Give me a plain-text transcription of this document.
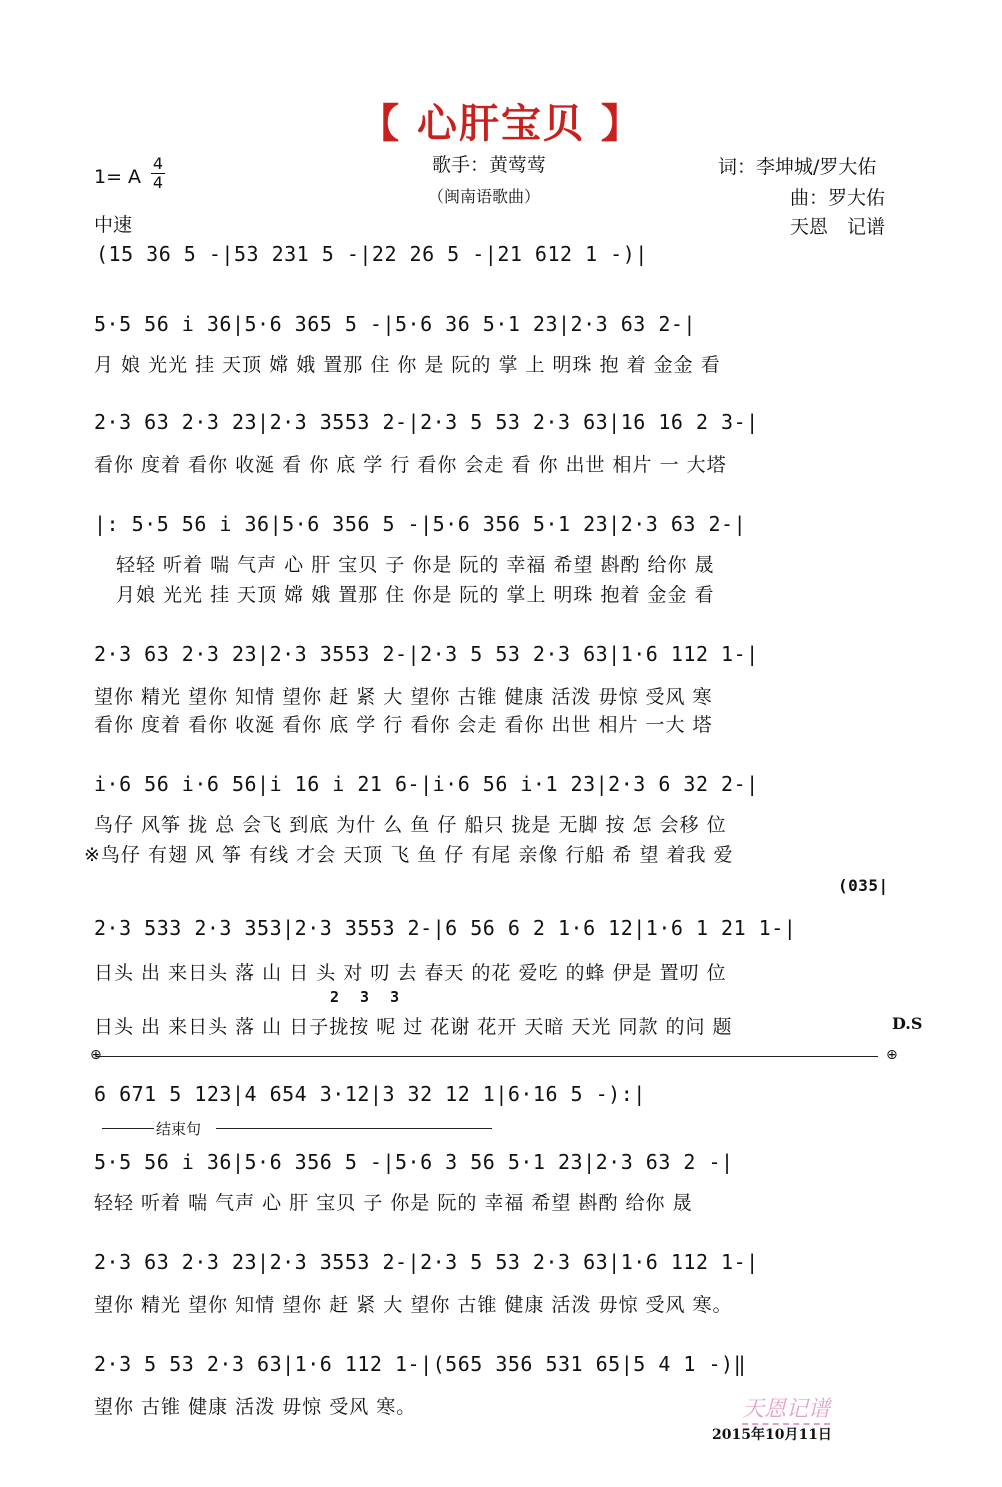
【 心肝宝贝 】
歌手：黄莺莺
（闽南语歌曲）
词：李坤城/罗大佑
曲：罗大佑
天恩　记谱
1= A
4
4
中速
(15 36 5 -|53 231 5 -|22 26 5 -|21 612 1 -)|
5·5 56 i 36|5·6 365 5 -|5·6 36 5·1 23|2·3 63 2-|
月 娘 光光 挂 天顶 嫦 娥 置那 住 你 是 阮的 掌 上 明珠 抱 着 金金 看
2·3 63 2·3 23|2·3 3553 2-|2·3 5 53 2·3 63|16 16 2 3-|
看你 度着 看你 收涎 看 你 底 学 行 看你 会走 看 你 出世 相片 一 大塔
|: 5·5 56 i 36|5·6 356 5 -|5·6 356 5·1 23|2·3 63 2-|
轻轻 听着 喘 气声 心 肝 宝贝 子 你是 阮的 幸福 希望 斟酌 给你 晟
月娘 光光 挂 天顶 嫦 娥 置那 住 你是 阮的 掌上 明珠 抱着 金金 看
2·3 63 2·3 23|2·3 3553 2-|2·3 5 53 2·3 63|1·6 112 1-|
望你 精光 望你 知情 望你 赶 紧 大 望你 古锥 健康 活泼 毋惊 受风 寒
看你 度着 看你 收涎 看你 底 学 行 看你 会走 看你 出世 相片 一大 塔
i·6 56 i·6 56|i 16 i 21 6-|i·6 56 i·1 23|2·3 6 32 2-|
鸟仔 风筝 拢 总 会飞 到底 为什 么 鱼 仔 船只 拢是 无脚 按 怎 会移 位
※鸟仔 有翅 风 筝 有线 才会 天顶 飞 鱼 仔 有尾 亲像 行船 希 望 着我 爱
(035|
2·3 533 2·3 353|2·3 3553 2-|6 56 6 2 1·6 12|1·6 1 21 1-|
日头 出 来日头 落 山 日 头 对 叨 去 春天 的花 爱吃 的蜂 伊是 置叨 位
2 3 3
日头 出 来日头 落 山 日子拢按 呢 过 花谢 花开 天暗 天光 同款 的问 题	D.S
⊕	⊕
6 671 5 123|4 654 3·12|3 32 12 1|6·16 5 -):|
结束句
5·5 56 i 36|5·6 356 5 -|5·6 3 56 5·1 23|2·3 63 2 -|
轻轻 听着 喘 气声 心 肝 宝贝 子 你是 阮的 幸福 希望 斟酌 给你 晟
2·3 63 2·3 23|2·3 3553 2-|2·3 5 53 2·3 63|1·6 112 1-|
望你 精光 望你 知情 望你 赶 紧 大 望你 古锥 健康 活泼 毋惊 受风 寒。
2·3 5 53 2·3 63|1·6 112 1-|(565 356 531 65|5 4 1 -)‖
望你 古锥 健康 活泼 毋惊 受风 寒。	天恩记谱
2015年10月11日
